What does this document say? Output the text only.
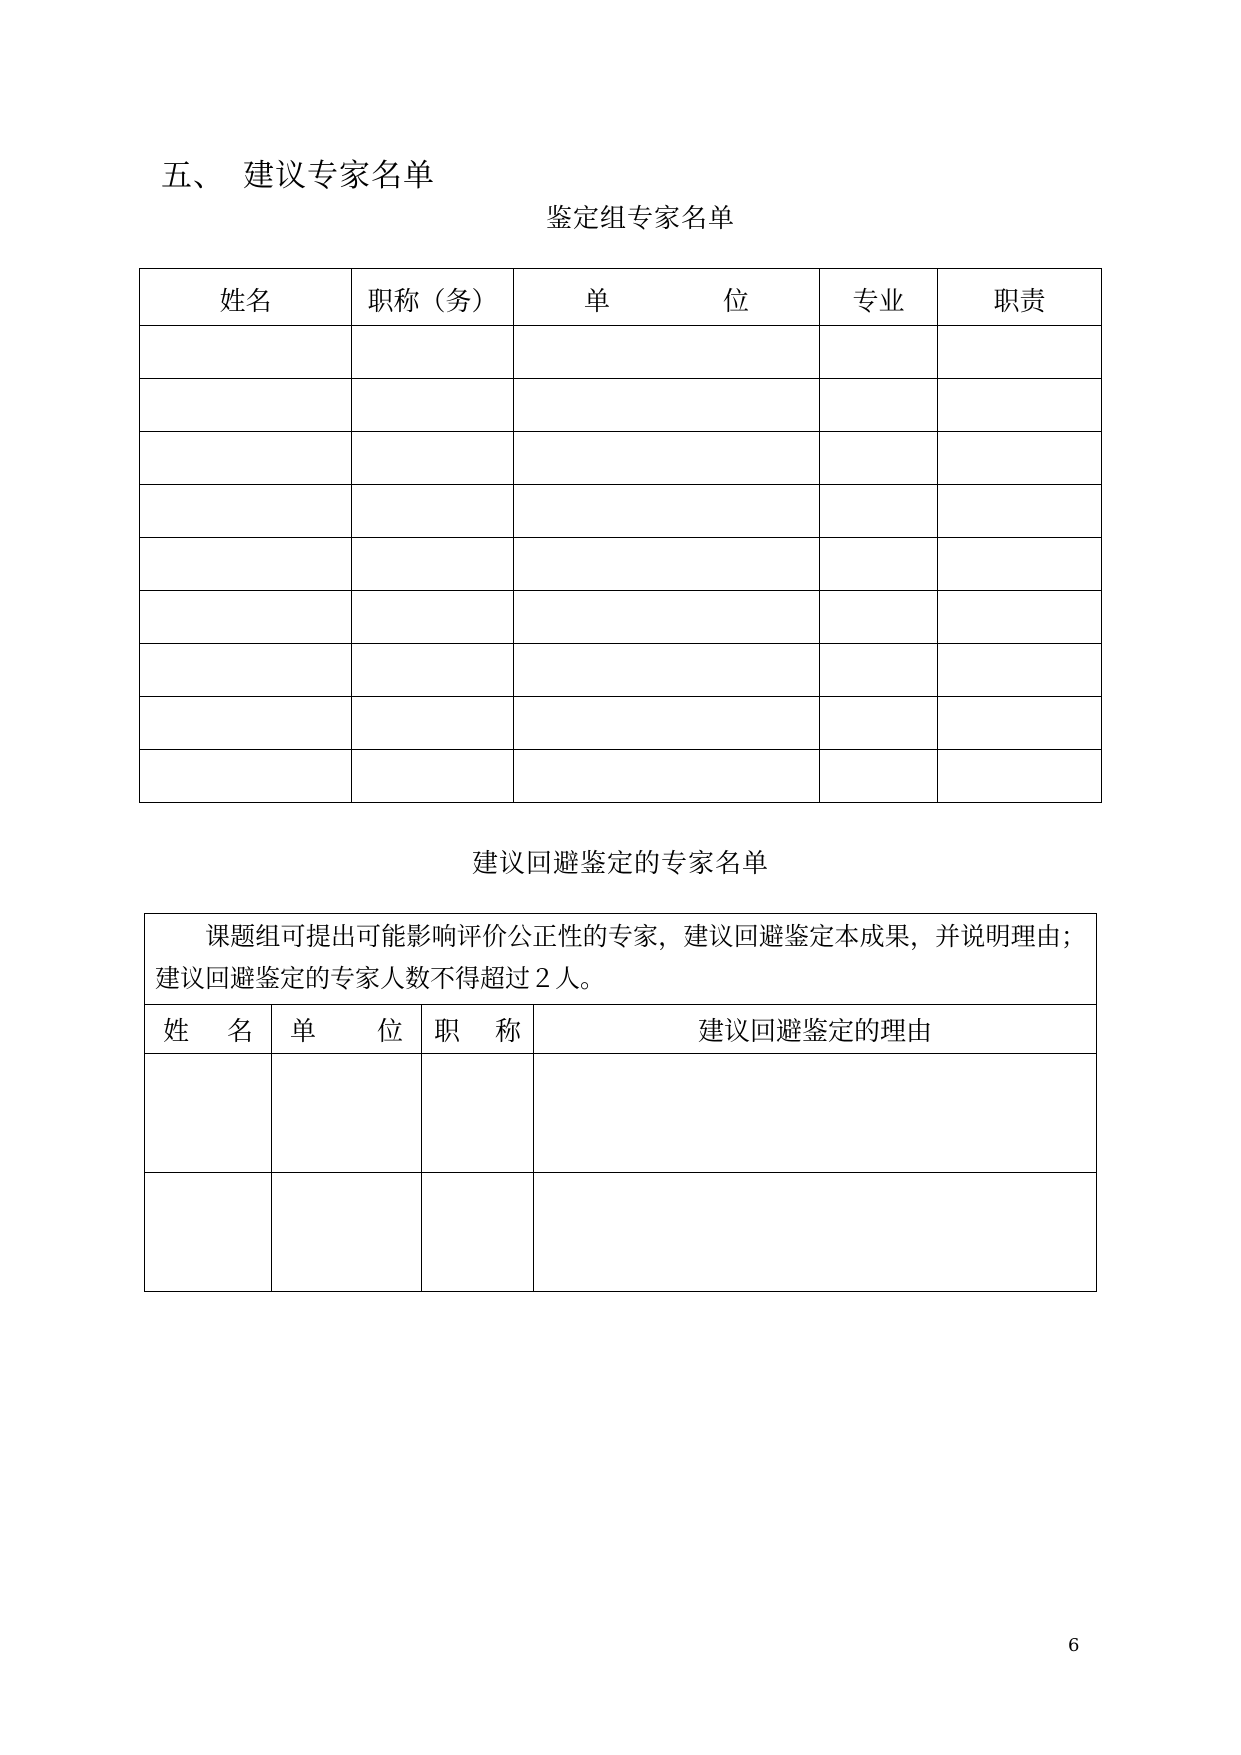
五、 建议专家名单
鉴定组专家名单
姓名	职称（务）	单 位	专业	职责

建议回避鉴定的专家名单
课题组可提出可能影响评价公正性的专家，建议回避鉴定本成果，并说明理由；建议回避鉴定的专家人数不得超过２人。			

姓 名	单 位	职 称	建议回避鉴定的理由

6
